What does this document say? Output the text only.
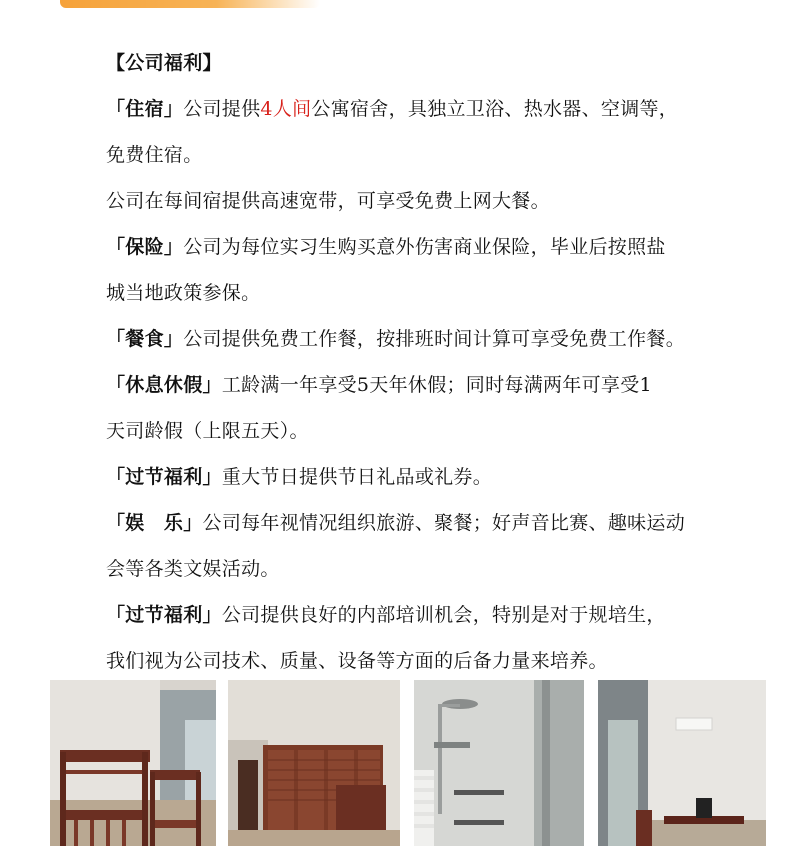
【公司福利】
「住宿」公司提供4人间公寓宿舍，具独立卫浴、热水器、空调等，
免费住宿。
公司在每间宿提供高速宽带，可享受免费上网大餐。
「保险」公司为每位实习生购买意外伤害商业保险，毕业后按照盐
城当地政策参保。
「餐食」公司提供免费工作餐，按排班时间计算可享受免费工作餐。
「休息休假」工龄满一年享受5天年休假；同时每满两年可享受1
天司龄假（上限五天）。
「过节福利」重大节日提供节日礼品或礼券。
「娱　乐」公司每年视情况组织旅游、聚餐；好声音比赛、趣味运动
会等各类文娱活动。
「过节福利」公司提供良好的内部培训机会，特别是对于规培生，
我们视为公司技术、质量、设备等方面的后备力量来培养。
